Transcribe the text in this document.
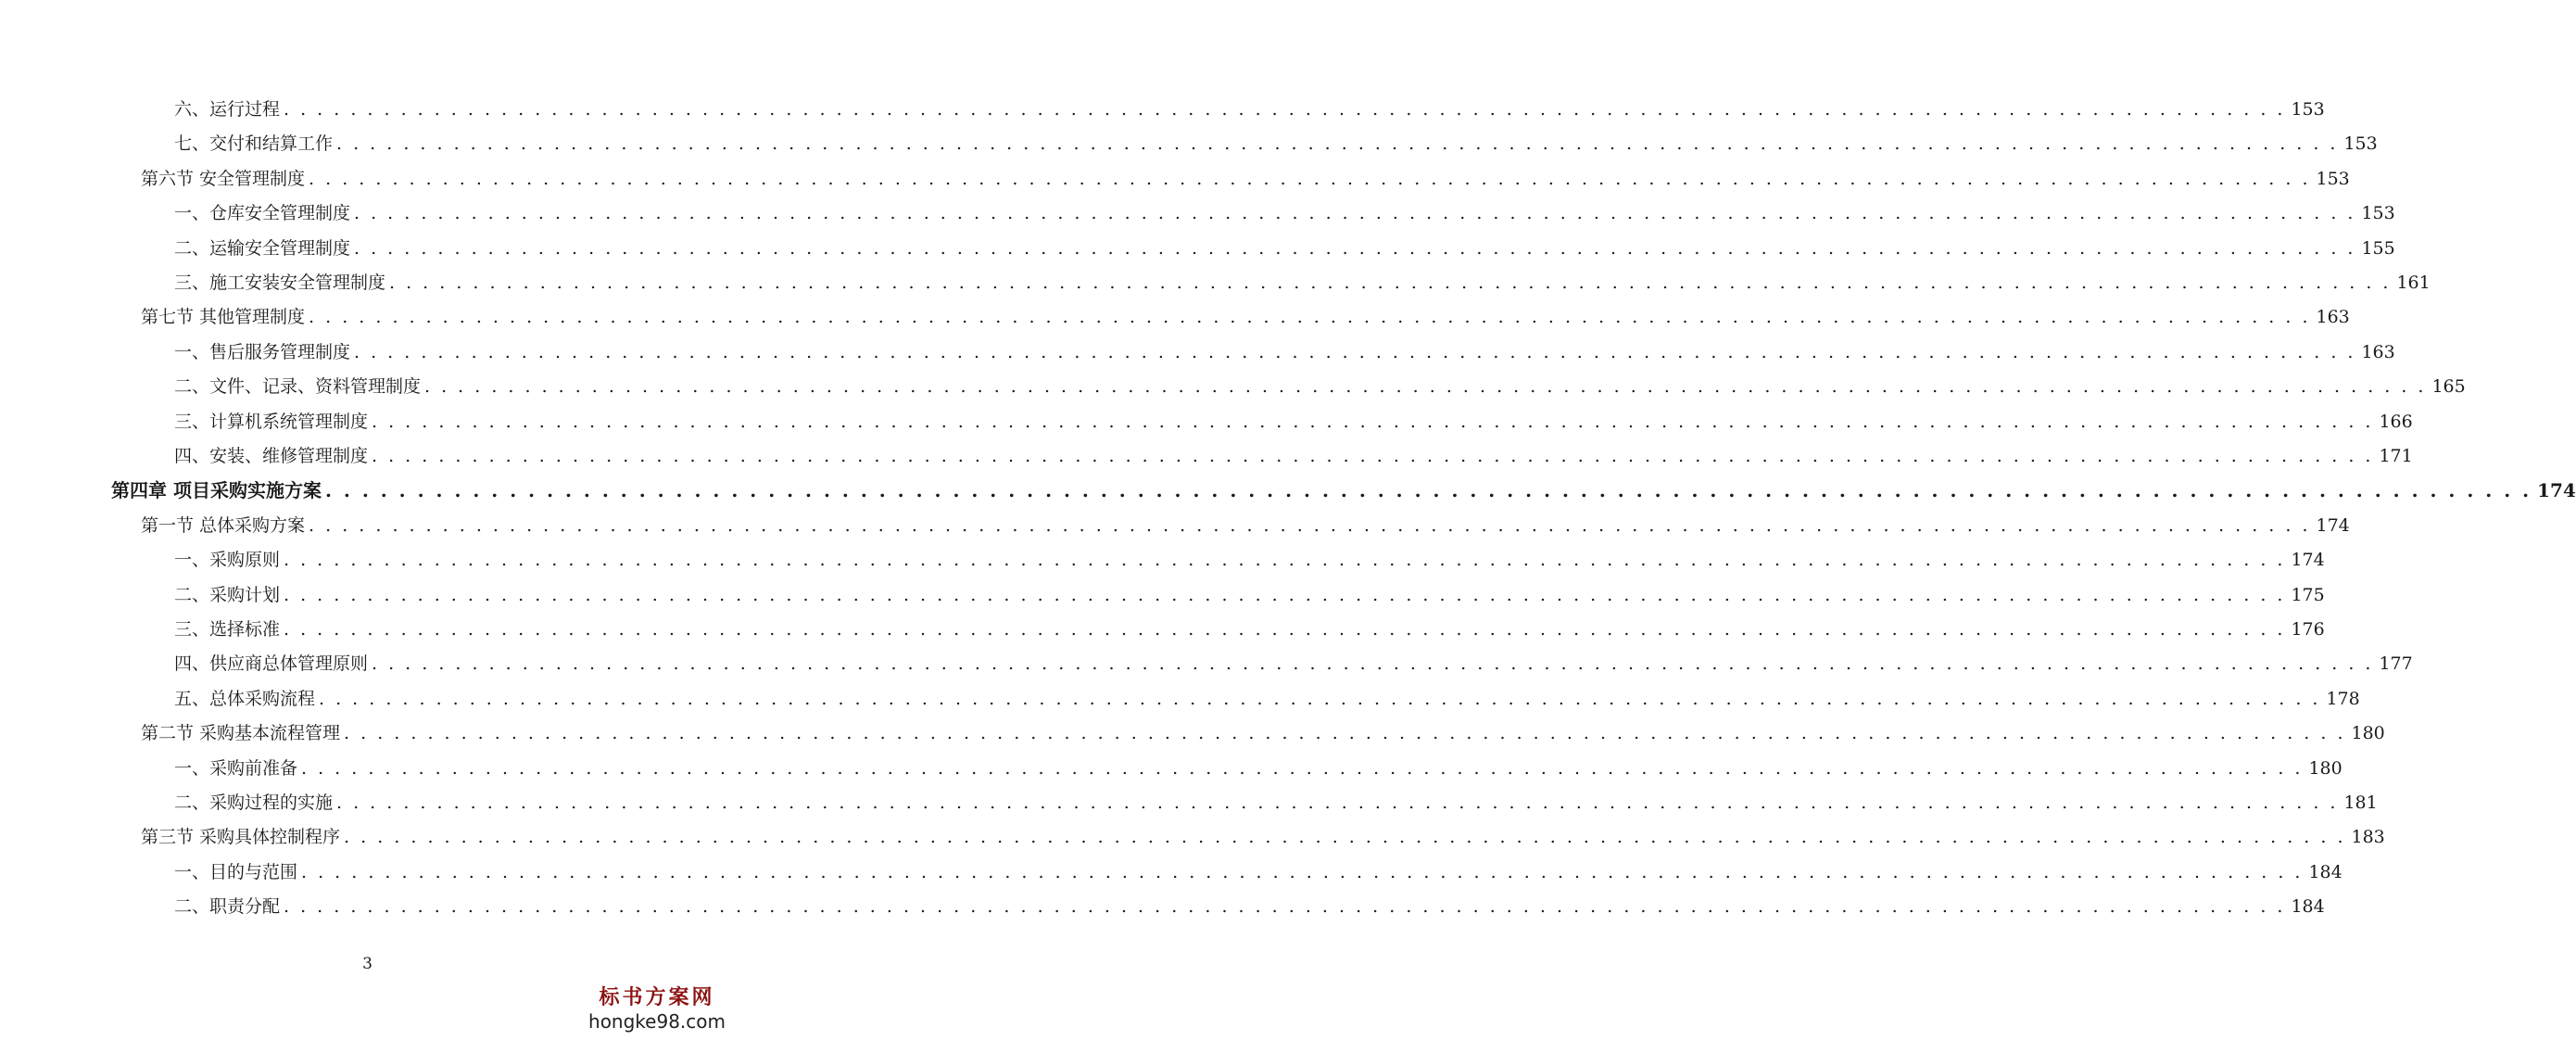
六、运行过程 . . . . . . . . . . . . . . . . . . . . . . . . . . . . . . . . . . . . . . . . . . . . . . . . . . . . . . . . . . . . . . . . . . . . . . . . . . . . . . . . . . . . . . . . . . . . . . . . . . . . . . . . . . . . . . . . . . . . . . . . 153
七、交付和结算工作 . . . . . . . . . . . . . . . . . . . . . . . . . . . . . . . . . . . . . . . . . . . . . . . . . . . . . . . . . . . . . . . . . . . . . . . . . . . . . . . . . . . . . . . . . . . . . . . . . . . . . . . . . . . . . . . . . . . . . . . . 153
第六节 安全管理制度 . . . . . . . . . . . . . . . . . . . . . . . . . . . . . . . . . . . . . . . . . . . . . . . . . . . . . . . . . . . . . . . . . . . . . . . . . . . . . . . . . . . . . . . . . . . . . . . . . . . . . . . . . . . . . . . . . . . . . . . . 153
一、仓库安全管理制度 . . . . . . . . . . . . . . . . . . . . . . . . . . . . . . . . . . . . . . . . . . . . . . . . . . . . . . . . . . . . . . . . . . . . . . . . . . . . . . . . . . . . . . . . . . . . . . . . . . . . . . . . . . . . . . . . . . . . . . . . 153
二、运输安全管理制度 . . . . . . . . . . . . . . . . . . . . . . . . . . . . . . . . . . . . . . . . . . . . . . . . . . . . . . . . . . . . . . . . . . . . . . . . . . . . . . . . . . . . . . . . . . . . . . . . . . . . . . . . . . . . . . . . . . . . . . . . 155
三、施工安装安全管理制度 . . . . . . . . . . . . . . . . . . . . . . . . . . . . . . . . . . . . . . . . . . . . . . . . . . . . . . . . . . . . . . . . . . . . . . . . . . . . . . . . . . . . . . . . . . . . . . . . . . . . . . . . . . . . . . . . . . . . . . . . 161
第七节 其他管理制度 . . . . . . . . . . . . . . . . . . . . . . . . . . . . . . . . . . . . . . . . . . . . . . . . . . . . . . . . . . . . . . . . . . . . . . . . . . . . . . . . . . . . . . . . . . . . . . . . . . . . . . . . . . . . . . . . . . . . . . . . 163
一、售后服务管理制度 . . . . . . . . . . . . . . . . . . . . . . . . . . . . . . . . . . . . . . . . . . . . . . . . . . . . . . . . . . . . . . . . . . . . . . . . . . . . . . . . . . . . . . . . . . . . . . . . . . . . . . . . . . . . . . . . . . . . . . . . 163
二、文件、记录、资料管理制度 . . . . . . . . . . . . . . . . . . . . . . . . . . . . . . . . . . . . . . . . . . . . . . . . . . . . . . . . . . . . . . . . . . . . . . . . . . . . . . . . . . . . . . . . . . . . . . . . . . . . . . . . . . . . . . . . . . . . . . . . 165
三、计算机系统管理制度 . . . . . . . . . . . . . . . . . . . . . . . . . . . . . . . . . . . . . . . . . . . . . . . . . . . . . . . . . . . . . . . . . . . . . . . . . . . . . . . . . . . . . . . . . . . . . . . . . . . . . . . . . . . . . . . . . . . . . . . . 166
四、安装、维修管理制度 . . . . . . . . . . . . . . . . . . . . . . . . . . . . . . . . . . . . . . . . . . . . . . . . . . . . . . . . . . . . . . . . . . . . . . . . . . . . . . . . . . . . . . . . . . . . . . . . . . . . . . . . . . . . . . . . . . . . . . . . 171
第四章 项目采购实施方案 . . . . . . . . . . . . . . . . . . . . . . . . . . . . . . . . . . . . . . . . . . . . . . . . . . . . . . . . . . . . . . . . . . . . . . . . . . . . . . . . . . . . . . . . . . . . . . . . . . . . . . . . . . . . . . . . . . . . . . . . 174
第一节 总体采购方案 . . . . . . . . . . . . . . . . . . . . . . . . . . . . . . . . . . . . . . . . . . . . . . . . . . . . . . . . . . . . . . . . . . . . . . . . . . . . . . . . . . . . . . . . . . . . . . . . . . . . . . . . . . . . . . . . . . . . . . . . 174
一、采购原则 . . . . . . . . . . . . . . . . . . . . . . . . . . . . . . . . . . . . . . . . . . . . . . . . . . . . . . . . . . . . . . . . . . . . . . . . . . . . . . . . . . . . . . . . . . . . . . . . . . . . . . . . . . . . . . . . . . . . . . . . 174
二、采购计划 . . . . . . . . . . . . . . . . . . . . . . . . . . . . . . . . . . . . . . . . . . . . . . . . . . . . . . . . . . . . . . . . . . . . . . . . . . . . . . . . . . . . . . . . . . . . . . . . . . . . . . . . . . . . . . . . . . . . . . . . 175
三、选择标准 . . . . . . . . . . . . . . . . . . . . . . . . . . . . . . . . . . . . . . . . . . . . . . . . . . . . . . . . . . . . . . . . . . . . . . . . . . . . . . . . . . . . . . . . . . . . . . . . . . . . . . . . . . . . . . . . . . . . . . . . 176
四、供应商总体管理原则 . . . . . . . . . . . . . . . . . . . . . . . . . . . . . . . . . . . . . . . . . . . . . . . . . . . . . . . . . . . . . . . . . . . . . . . . . . . . . . . . . . . . . . . . . . . . . . . . . . . . . . . . . . . . . . . . . . . . . . . . 177
五、总体采购流程 . . . . . . . . . . . . . . . . . . . . . . . . . . . . . . . . . . . . . . . . . . . . . . . . . . . . . . . . . . . . . . . . . . . . . . . . . . . . . . . . . . . . . . . . . . . . . . . . . . . . . . . . . . . . . . . . . . . . . . . . 178
第二节 采购基本流程管理 . . . . . . . . . . . . . . . . . . . . . . . . . . . . . . . . . . . . . . . . . . . . . . . . . . . . . . . . . . . . . . . . . . . . . . . . . . . . . . . . . . . . . . . . . . . . . . . . . . . . . . . . . . . . . . . . . . . . . . . . 180
一、采购前准备 . . . . . . . . . . . . . . . . . . . . . . . . . . . . . . . . . . . . . . . . . . . . . . . . . . . . . . . . . . . . . . . . . . . . . . . . . . . . . . . . . . . . . . . . . . . . . . . . . . . . . . . . . . . . . . . . . . . . . . . . 180
二、采购过程的实施 . . . . . . . . . . . . . . . . . . . . . . . . . . . . . . . . . . . . . . . . . . . . . . . . . . . . . . . . . . . . . . . . . . . . . . . . . . . . . . . . . . . . . . . . . . . . . . . . . . . . . . . . . . . . . . . . . . . . . . . . 181
第三节 采购具体控制程序 . . . . . . . . . . . . . . . . . . . . . . . . . . . . . . . . . . . . . . . . . . . . . . . . . . . . . . . . . . . . . . . . . . . . . . . . . . . . . . . . . . . . . . . . . . . . . . . . . . . . . . . . . . . . . . . . . . . . . . . . 183
一、目的与范围 . . . . . . . . . . . . . . . . . . . . . . . . . . . . . . . . . . . . . . . . . . . . . . . . . . . . . . . . . . . . . . . . . . . . . . . . . . . . . . . . . . . . . . . . . . . . . . . . . . . . . . . . . . . . . . . . . . . . . . . . 184
二、职责分配 . . . . . . . . . . . . . . . . . . . . . . . . . . . . . . . . . . . . . . . . . . . . . . . . . . . . . . . . . . . . . . . . . . . . . . . . . . . . . . . . . . . . . . . . . . . . . . . . . . . . . . . . . . . . . . . . . . . . . . . . 184
3
标书方案网
hongke98.com
